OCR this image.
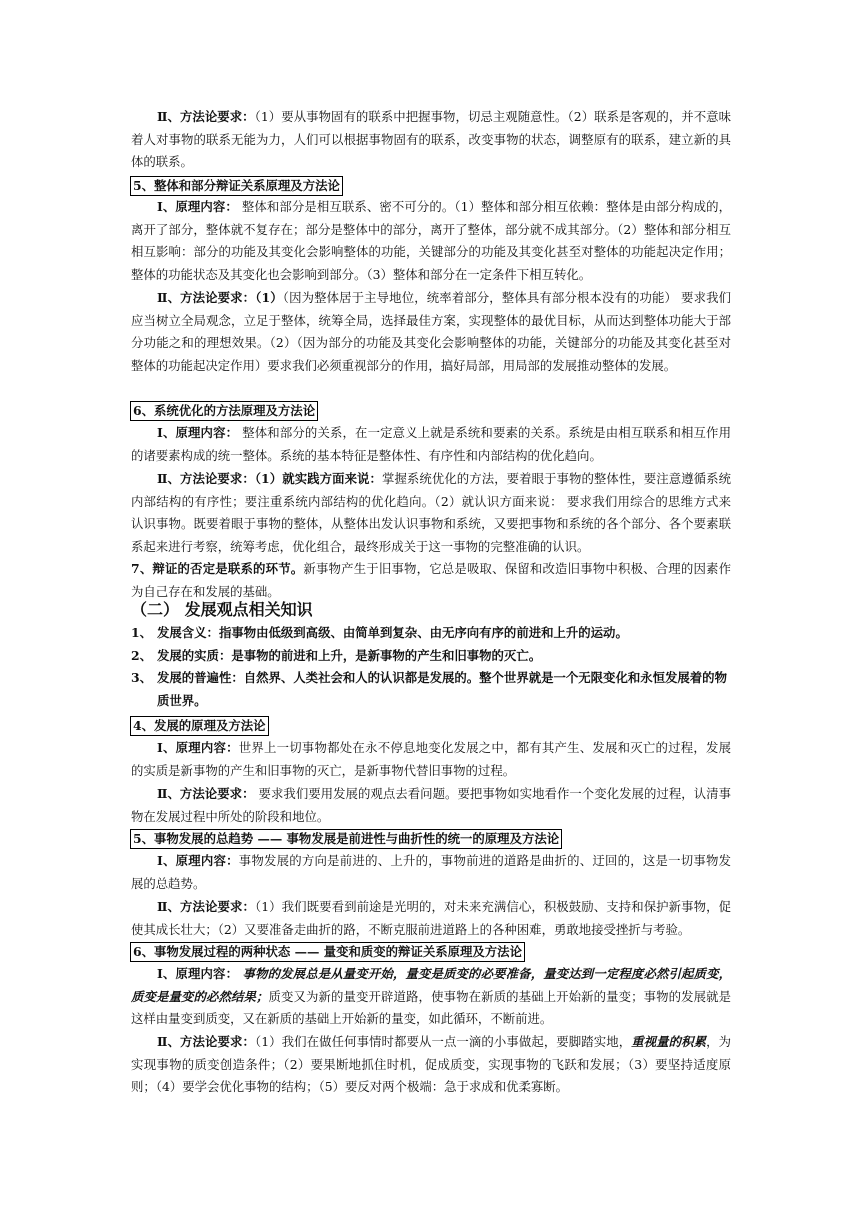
Ⅱ、方法论要求：（1）要从事物固有的联系中把握事物，切忌主观随意性。（2）联系是客观的，并不意味着人对事物的联系无能为力，人们可以根据事物固有的联系，改变事物的状态，调整原有的联系，建立新的具体的联系。

5、整体和部分辩证关系原理及方法论

Ⅰ、原理内容： 整体和部分是相互联系、密不可分的。（1）整体和部分相互依赖：整体是由部分构成的，离开了部分，整体就不复存在；部分是整体中的部分，离开了整体，部分就不成其部分。（2）整体和部分相互相互影响：部分的功能及其变化会影响整体的功能，关键部分的功能及其变化甚至对整体的功能起决定作用；整体的功能状态及其变化也会影响到部分。（3）整体和部分在一定条件下相互转化。

Ⅱ、方法论要求：（1）（因为整体居于主导地位，统率着部分，整体具有部分根本没有的功能） 要求我们应当树立全局观念，立足于整体，统筹全局，选择最佳方案，实现整体的最优目标，从而达到整体功能大于部分功能之和的理想效果。（2）（因为部分的功能及其变化会影响整体的功能，关键部分的功能及其变化甚至对整体的功能起决定作用）要求我们必须重视部分的作用，搞好局部，用局部的发展推动整体的发展。

6、系统优化的方法原理及方法论

Ⅰ、原理内容： 整体和部分的关系，在一定意义上就是系统和要素的关系。系统是由相互联系和相互作用的诸要素构成的统一整体。系统的基本特征是整体性、有序性和内部结构的优化趋向。

Ⅱ、方法论要求：（1）就实践方面来说：掌握系统优化的方法，要着眼于事物的整体性，要注意遵循系统内部结构的有序性；要注重系统内部结构的优化趋向。（2）就认识方面来说： 要求我们用综合的思维方式来认识事物。既要着眼于事物的整体，从整体出发认识事物和系统，又要把事物和系统的各个部分、各个要素联系起来进行考察，统筹考虑，优化组合，最终形成关于这一事物的完整准确的认识。

7、辩证的否定是联系的环节。新事物产生于旧事物，它总是吸取、保留和改造旧事物中积极、合理的因素作为自己存在和发展的基础。

（二） 发展观点相关知识
1、 发展含义：指事物由低级到高级、由简单到复杂、由无序向有序的前进和上升的运动。
2、 发展的实质：是事物的前进和上升，是新事物的产生和旧事物的灭亡。
3、 发展的普遍性：自然界、人类社会和人的认识都是发展的。整个世界就是一个无限变化和永恒发展着的物质世界。
4、发展的原理及方法论

Ⅰ、原理内容：世界上一切事物都处在永不停息地变化发展之中，都有其产生、发展和灭亡的过程，发展的实质是新事物的产生和旧事物的灭亡，是新事物代替旧事物的过程。

Ⅱ、方法论要求： 要求我们要用发展的观点去看问题。要把事物如实地看作一个变化发展的过程，认清事物在发展过程中所处的阶段和地位。

5、事物发展的总趋势 —— 事物发展是前进性与曲折性的统一的原理及方法论

Ⅰ、原理内容：事物发展的方向是前进的、上升的，事物前进的道路是曲折的、迂回的，这是一切事物发展的总趋势。

Ⅱ、方法论要求：（1）我们既要看到前途是光明的，对未来充满信心，积极鼓励、支持和保护新事物，促使其成长壮大；（2）又要准备走曲折的路，不断克服前进道路上的各种困难，勇敢地接受挫折与考验。

6、事物发展过程的两种状态 —— 量变和质变的辩证关系原理及方法论

Ⅰ、原理内容： 事物的发展总是从量变开始，量变是质变的必要准备，量变达到一定程度必然引起质变，质变是量变的必然结果；质变又为新的量变开辟道路，使事物在新质的基础上开始新的量变；事物的发展就是这样由量变到质变，又在新质的基础上开始新的量变，如此循环，不断前进。

Ⅱ、方法论要求：（1）我们在做任何事情时都要从一点一滴的小事做起，要脚踏实地，重视量的积累，为实现事物的质变创造条件；（2）要果断地抓住时机，促成质变，实现事物的飞跃和发展；（3）要坚持适度原则；（4）要学会优化事物的结构；（5）要反对两个极端：急于求成和优柔寡断。
